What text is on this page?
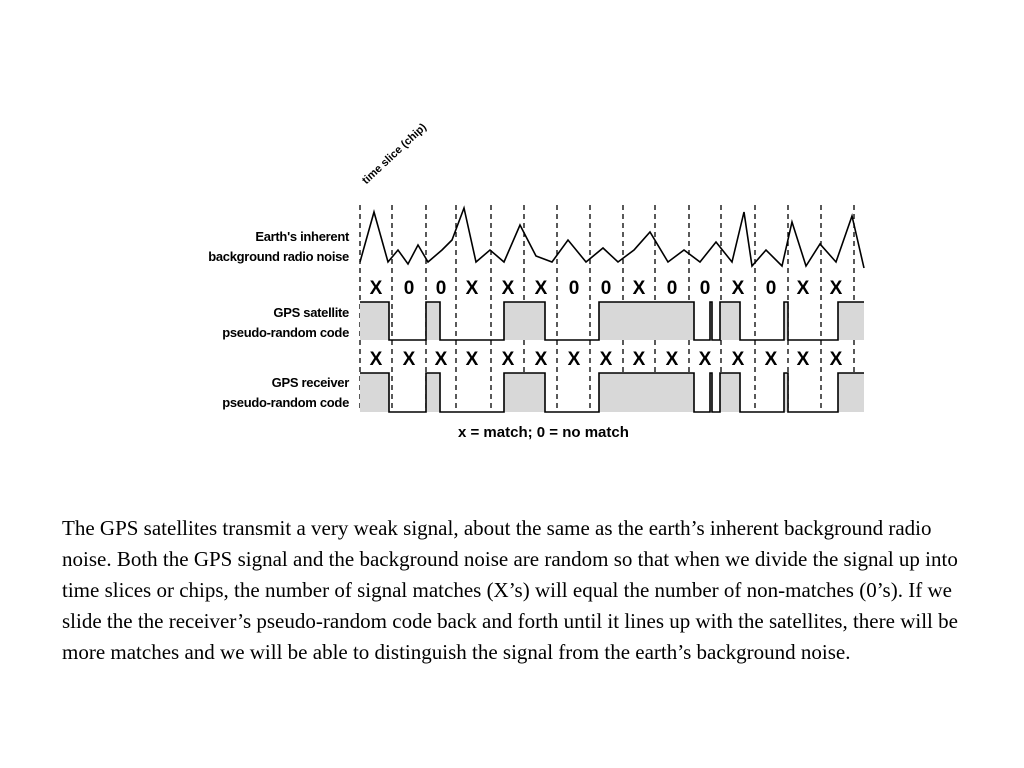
X 0 0 X X X 0 0 X 0 0 X 0 X X
X X X X X X X X X X X X X X X
time slice (chip)
Earth's inherent
background radio noise
GPS satellite
pseudo-random code
GPS receiver
pseudo-random code
x = match; 0 = no match

The GPS satellites transmit a very weak signal, about the same as the earth’s inherent background radio noise. Both the GPS signal and the background noise are random so that when we divide the signal up into time slices or chips, the number of signal matches (X’s) will equal the number of non-matches (0’s). If we slide the the receiver’s pseudo-random code back and forth until it lines up with the satellites, there will be more matches and we will be able to distinguish the signal from the earth’s background noise.
